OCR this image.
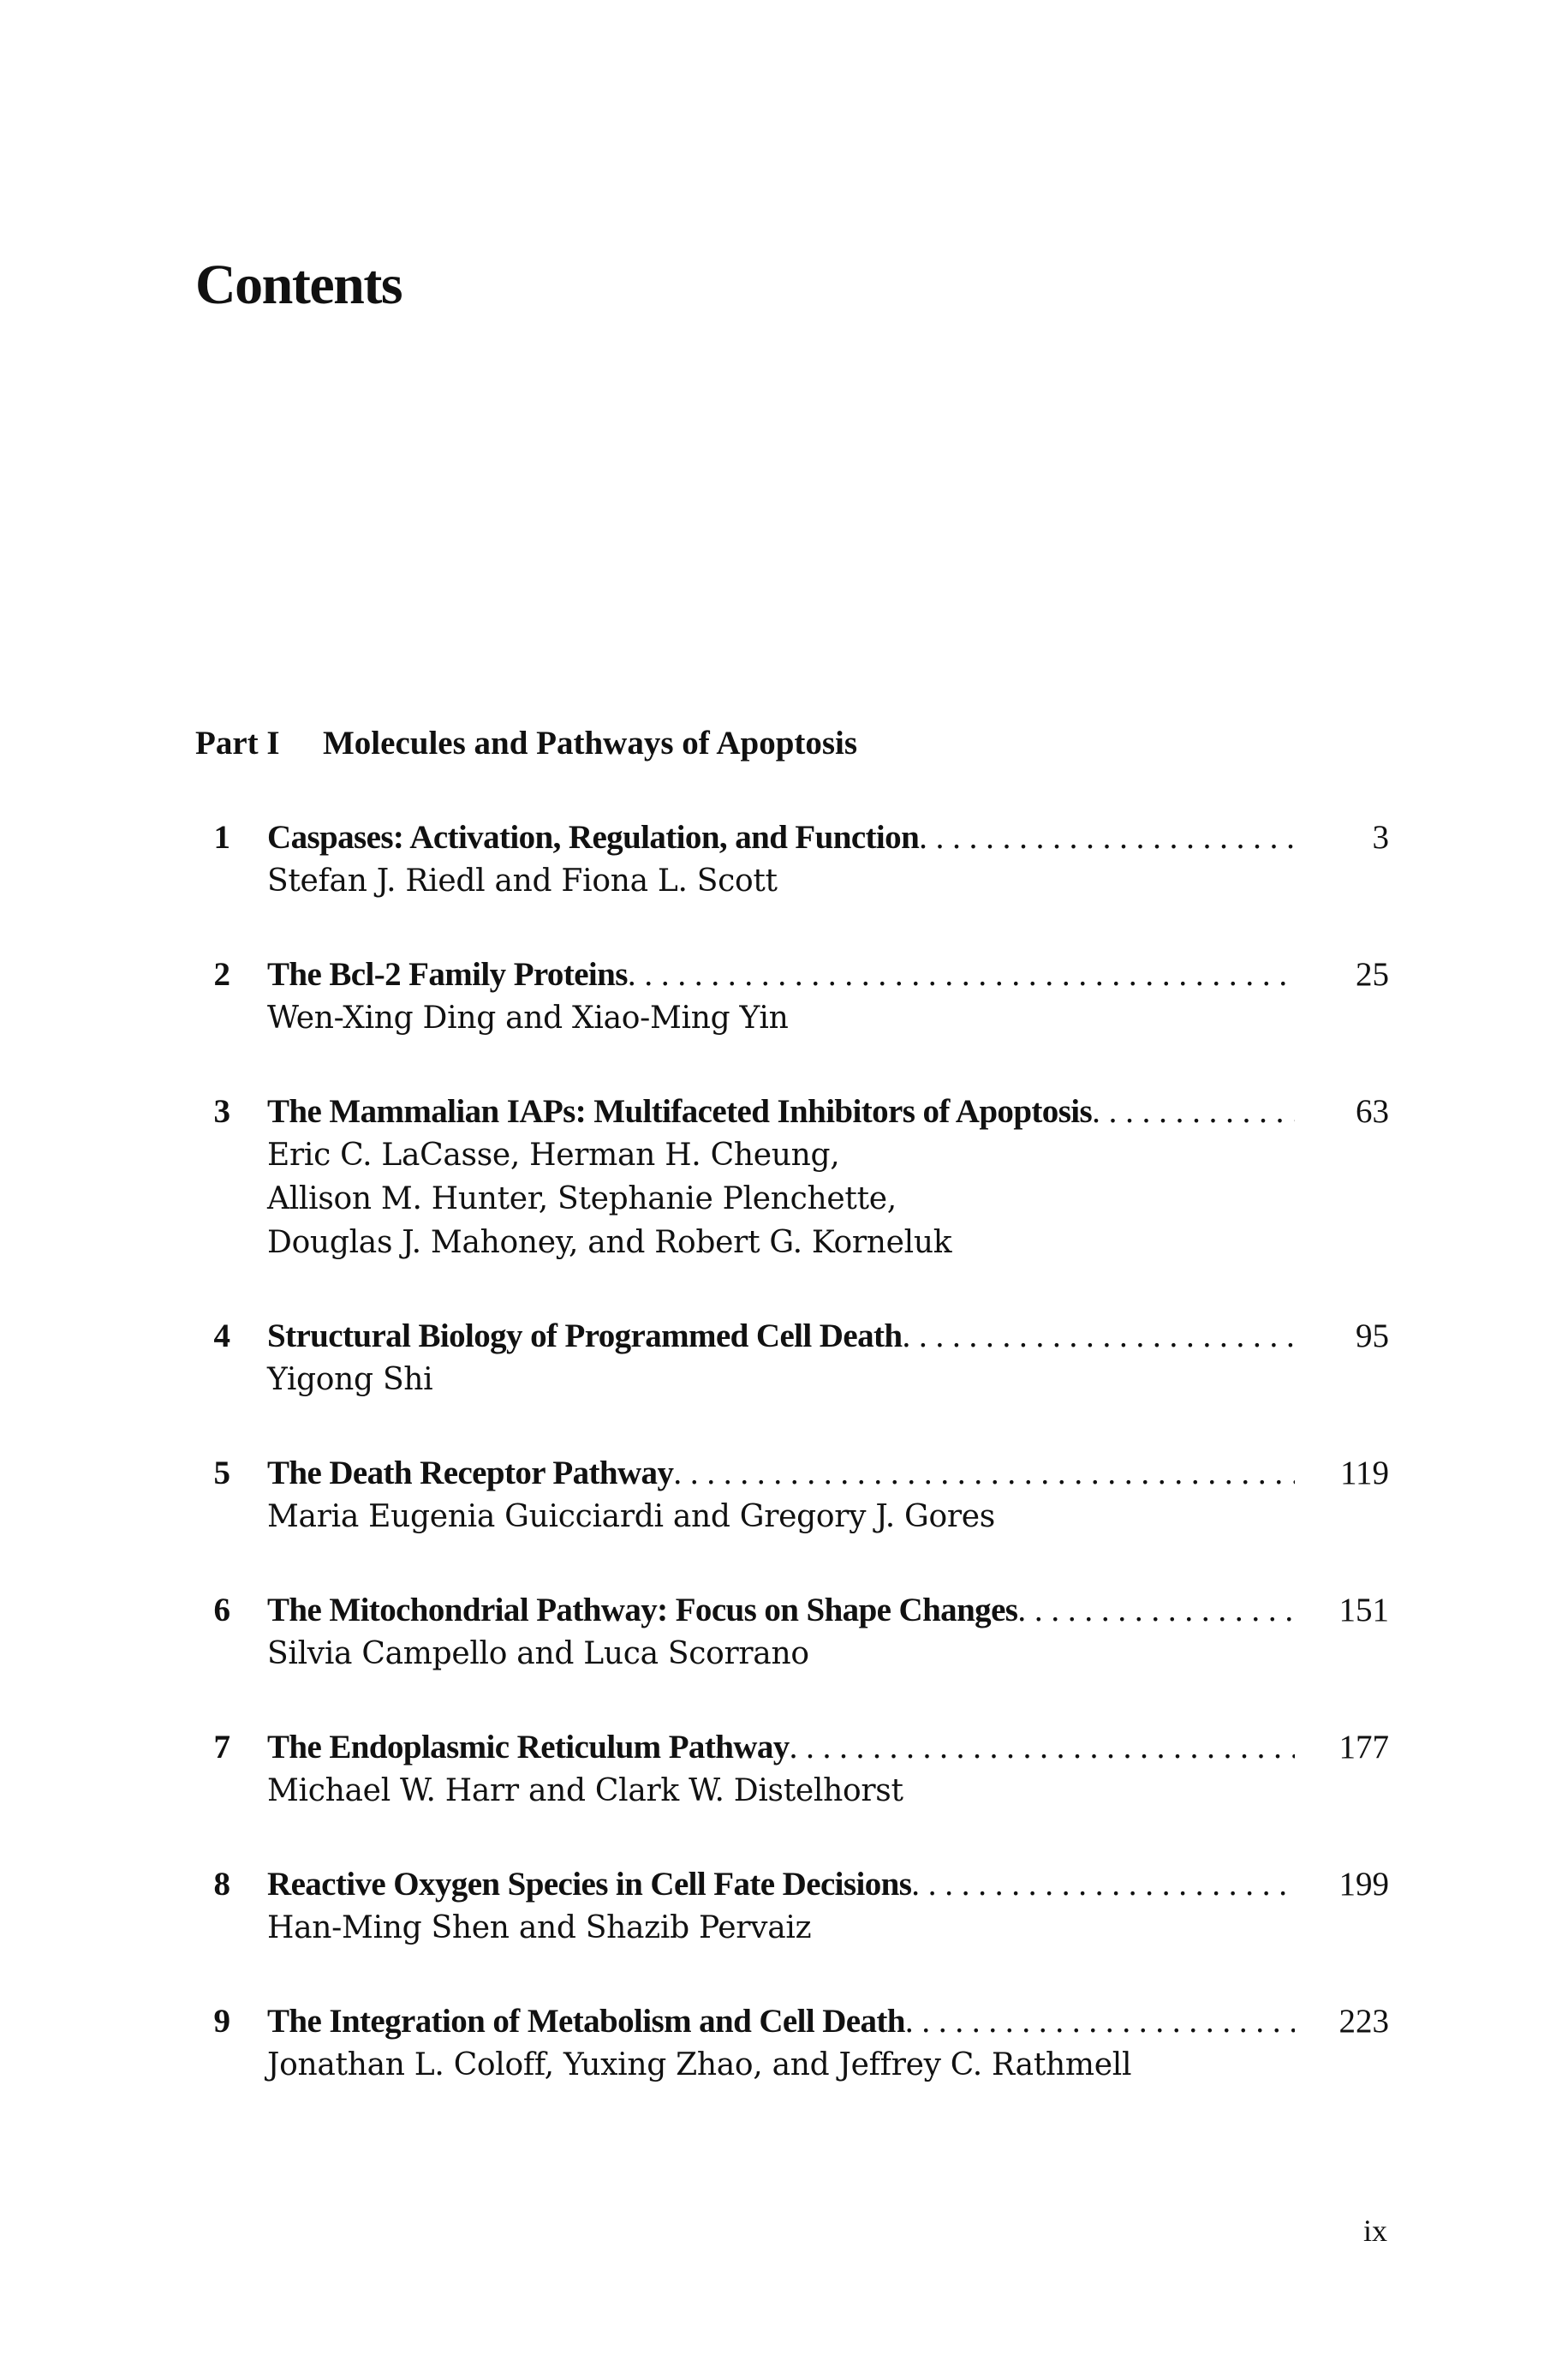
Contents
Part I Molecules and Pathways of Apoptosis
1 Caspases: Activation, Regulation, and Function . . .	3
Stefan J. Riedl and Fiona L. Scott
2 The Bcl-2 Family Proteins . . .	25
Wen-Xing Ding and Xiao-Ming Yin
3 The Mammalian IAPs: Multifaceted Inhibitors of Apoptosis . . .	63
Eric C. LaCasse, Herman H. Cheung,
Allison M. Hunter, Stephanie Plenchette,
Douglas J. Mahoney, and Robert G. Korneluk
4 Structural Biology of Programmed Cell Death . . .	95
Yigong Shi
5 The Death Receptor Pathway . . .	119
Maria Eugenia Guicciardi and Gregory J. Gores
6 The Mitochondrial Pathway: Focus on Shape Changes . . .	151
Silvia Campello and Luca Scorrano
7 The Endoplasmic Reticulum Pathway . . .	177
Michael W. Harr and Clark W. Distelhorst
8 Reactive Oxygen Species in Cell Fate Decisions . . .	199
Han-Ming Shen and Shazib Pervaiz
9 The Integration of Metabolism and Cell Death . . .	223
Jonathan L. Coloff, Yuxing Zhao, and Jeffrey C. Rathmell
ix
